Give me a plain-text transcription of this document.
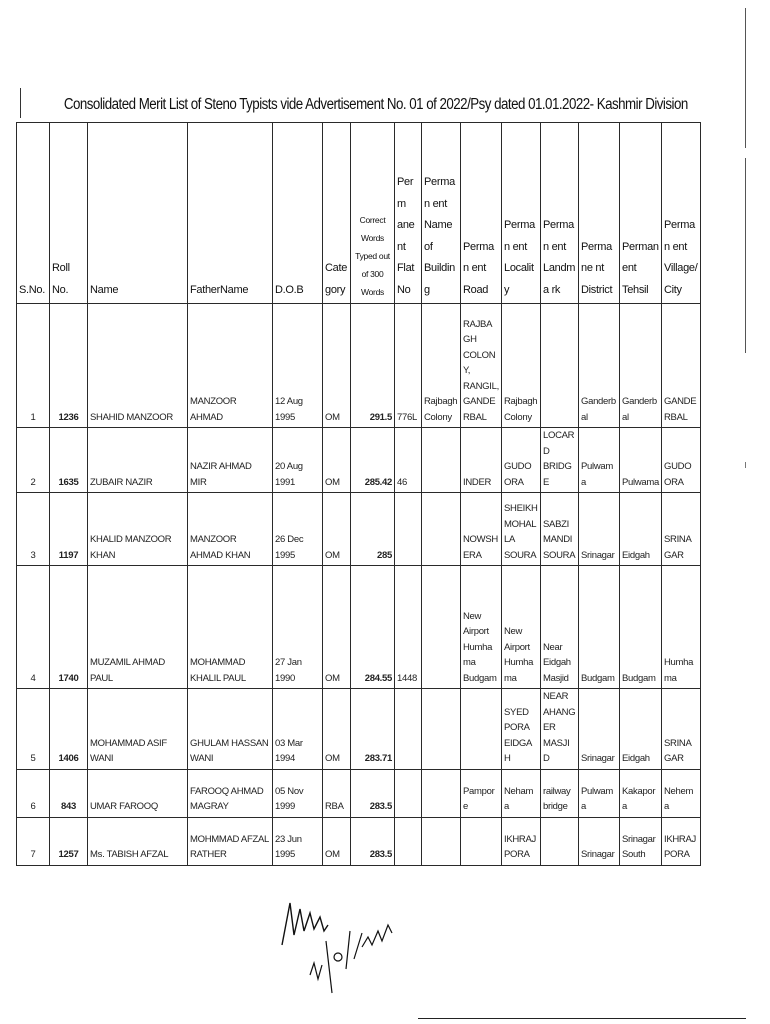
Consolidated Merit List of Steno Typists vide Advertisement No. 01 of 2022/Psy dated 01.01.2022- Kashmir Division
S.No.	Roll No.	Name	FatherName	D.O.B	Cate gory	Correct Words Typed out of 300 Words	Perm anent Flat No	Perman ent Name of Buildin g	Perman ent Road	Perman ent Locality	Perman ent Landma rk	Permane nt District	Perman ent Tehsil	Perman ent Village/ City
1	1236	SHAHID MANZOOR	MANZOOR AHMAD	12 Aug 1995	OM	291.5	776L	Rajbagh Colony	RAJBAGH COLONY, RANGIL, GANDERBAL	Rajbagh Colony		Ganderbal	Ganderbal	GANDERBAL
2	1635	ZUBAIR NAZIR	NAZIR AHMAD MIR	20 Aug 1991	OM	285.42	46		INDER	GUDOORA	LOCARD BRIDGE	Pulwama	Pulwama	GUDOORA
3	1197	KHALID MANZOOR KHAN	MANZOOR AHMAD KHAN	26 Dec 1995	OM	285			NOWSHERA	SHEIKH MOHALLA SOURA	SABZI MANDI SOURA	Srinagar	Eidgah	SRINAGAR
4	1740	MUZAMIL AHMAD PAUL	MOHAMMAD KHALIL PAUL	27 Jan 1990	OM	284.55	1448		New Airport Humhama Budgam	New Airport Humhama	Near Eidgah Masjid	Budgam	Budgam	Humhama
5	1406	MOHAMMAD ASIF WANI	GHULAM HASSAN WANI	03 Mar 1994	OM	283.71				SYED PORA EIDGAH	NEAR AHANGER MASJID	Srinagar	Eidgah	SRINAGAR
6	843	UMAR FAROOQ	FAROOQ AHMAD MAGRAY	05 Nov 1999	RBA	283.5			Pampore	Nehama	railway bridge	Pulwama	Kakapora	Nehema
7	1257	Ms. TABISH AFZAL	MOHMMAD AFZAL RATHER	23 Jun 1995	OM	283.5				IKHRAJ PORA		Srinagar	Srinagar South	IKHRAJ PORA
